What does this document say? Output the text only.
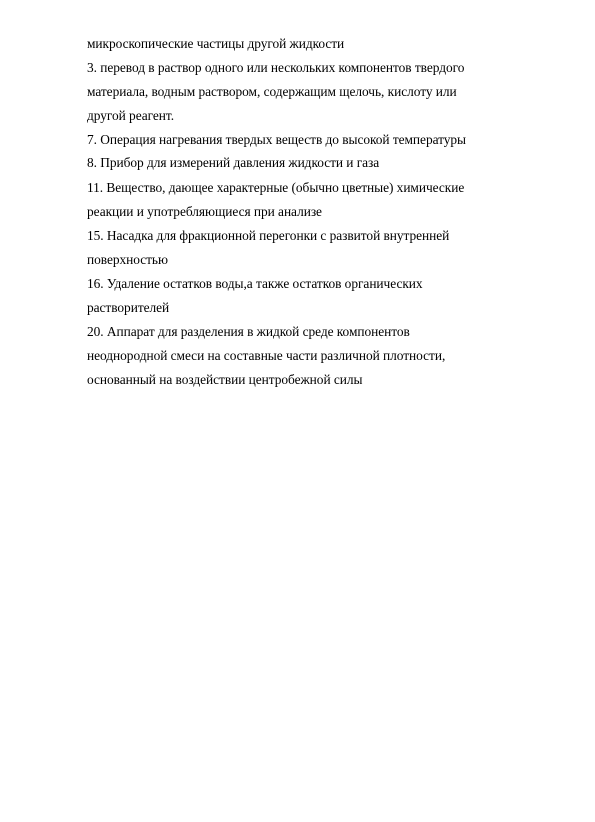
микроскопические частицы другой жидкости
3. перевод в раствор одного или нескольких компонентов твердого
материала, водным раствором, содержащим щелочь, кислоту или
другой реагент.
7. Операция нагревания твердых веществ до высокой температуры
8. Прибор для измерений давления жидкости и газа
11. Вещество, дающее характерные (обычно цветные) химические
реакции и употребляющиеся при анализе
15. Насадка для фракционной перегонки с развитой внутренней
поверхностью
16. Удаление остатков воды,а также остатков органических
растворителей
20. Аппарат для разделения в жидкой среде компонентов
неоднородной смеси на составные части различной плотности,
основанный на воздействии центробежной силы
